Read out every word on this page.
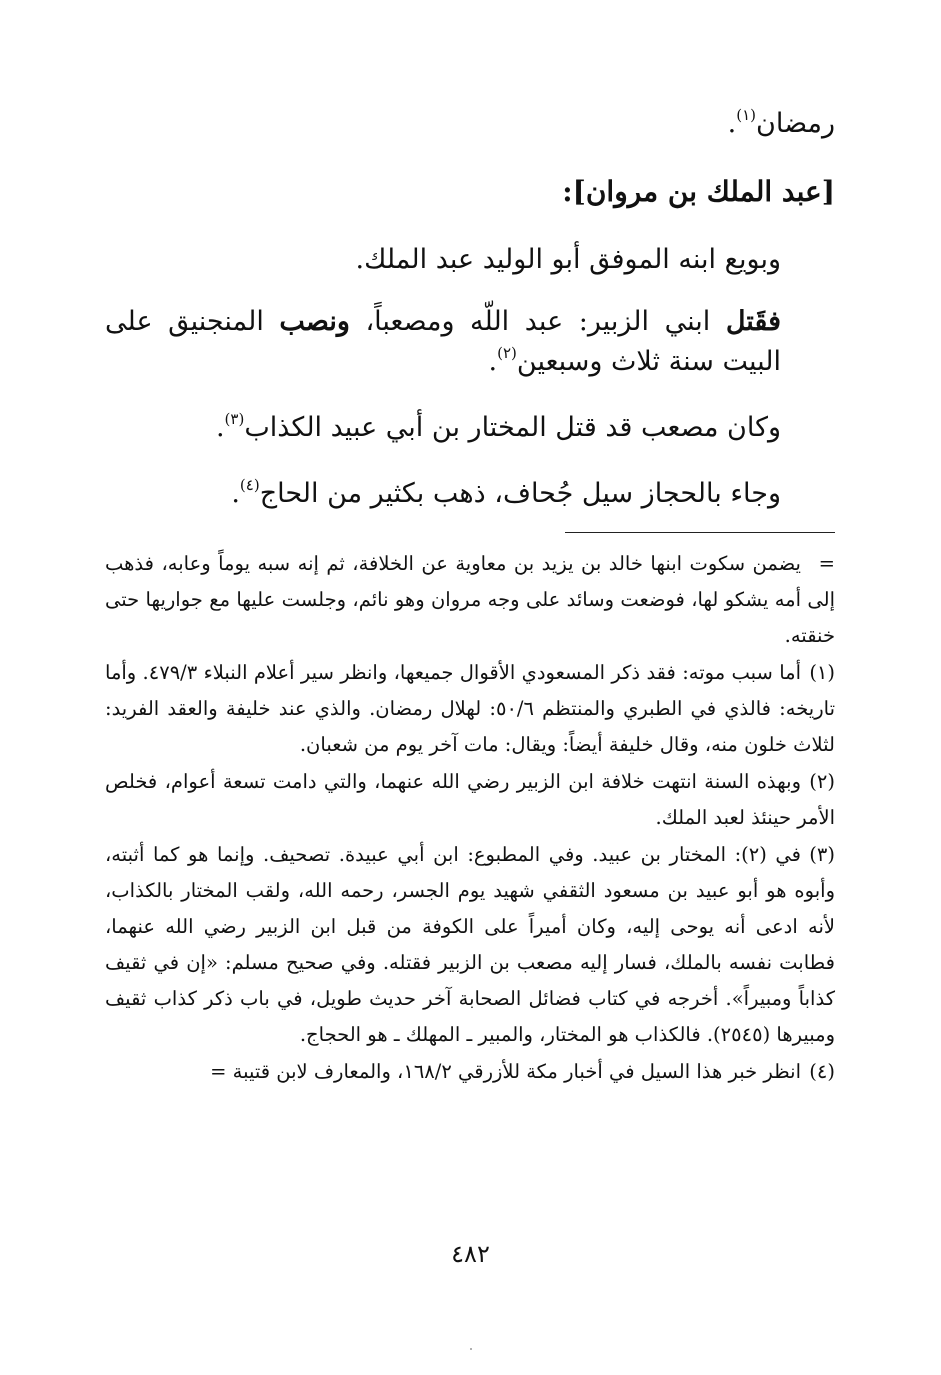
رمضان$^{(١)}$.

[عبد الملك بن مروان]:

وبويع ابنه الموفق أبو الوليد عبد الملك.

فقَتل ابني الزبير: عبد اللّه ومصعباً، ونصب المنجنيق على البيت سنة ثلاث وسبعين$^{(٢)}$.

وكان مصعب قد قتل المختار بن أبي عبيد الكذاب$^{(٣)}$.

وجاء بالحجاز سيل جُحاف، ذهب بكثير من الحاج$^{(٤)}$.

=يضمن سكوت ابنها خالد بن يزيد بن معاوية عن الخلافة، ثم إنه سبه يوماً وعابه، فذهب إلى أمه يشكو لها، فوضعت وسائد على وجه مروان وهو نائم، وجلست عليها مع جواريها حتى خنقته.

(١)أما سبب موته: فقد ذكر المسعودي الأقوال جميعها، وانظر سير أعلام النبلاء ٤٧٩/٣. وأما تاريخه: فالذي في الطبري والمنتظم ٥٠/٦: لهلال رمضان. والذي عند خليفة والعقد الفريد: لثلاث خلون منه، وقال خليفة أيضاً: ويقال: مات آخر يوم من شعبان.

(٢)وبهذه السنة انتهت خلافة ابن الزبير رضي الله عنهما، والتي دامت تسعة أعوام، فخلص الأمر حينئذ لعبد الملك.

(٣)في (٢): المختار بن عبيد. وفي المطبوع: ابن أبي عبيدة. تصحيف. وإنما هو كما أثبته، وأبوه هو أبو عبيد بن مسعود الثقفي شهيد يوم الجسر، رحمه الله، ولقب المختار بالكذاب، لأنه ادعى أنه يوحى إليه، وكان أميراً على الكوفة من قبل ابن الزبير رضي الله عنهما، فطابت نفسه بالملك، فسار إليه مصعب بن الزبير فقتله. وفي صحيح مسلم: «إن في ثقيف كذاباً ومبيراً». أخرجه في كتاب فضائل الصحابة آخر حديث طويل، في باب ذكر كذاب ثقيف ومبيرها (٢٥٤٥). فالكذاب هو المختار، والمبير ـ المهلك ـ هو الحجاج.

(٤)انظر خبر هذا السيل في أخبار مكة للأزرقي ١٦٨/٢، والمعارف لابن قتيبة =

٤٨٢
